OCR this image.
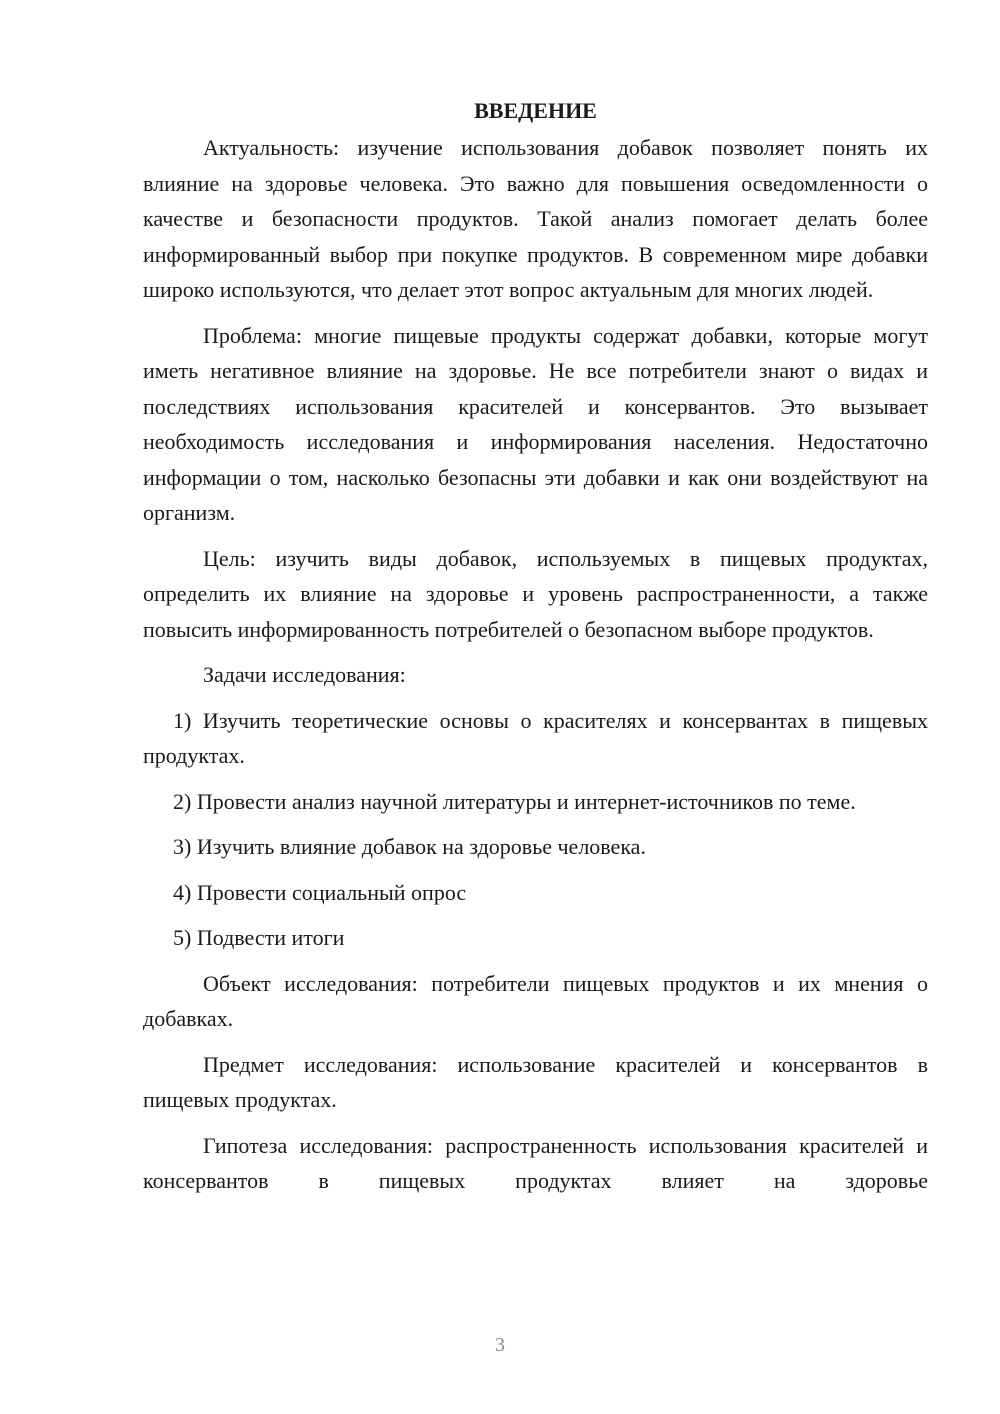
ВВЕДЕНИЕ

Актуальность: изучение использования добавок позволяет понять их влияние на здоровье человека. Это важно для повышения осведомленности о качестве и безопасности продуктов. Такой анализ помогает делать более информированный выбор при покупке продуктов. В современном мире добавки широко используются, что делает этот вопрос актуальным для многих людей.

Проблема: многие пищевые продукты содержат добавки, которые могут иметь негативное влияние на здоровье. Не все потребители знают о видах и последствиях использования красителей и консервантов. Это вызывает необходимость исследования и информирования населения. Недостаточно информации о том, насколько безопасны эти добавки и как они воздействуют на организм.

Цель: изучить виды добавок, используемых в пищевых продуктах, определить их влияние на здоровье и уровень распространенности, а также повысить информированность потребителей о безопасном выборе продуктов.

Задачи исследования:

1) Изучить теоретические основы о красителях и консервантах в пищевых продуктах.

2) Провести анализ научной литературы и интернет-источников по теме.

3) Изучить влияние добавок на здоровье человека.

4) Провести социальный опрос

5) Подвести итоги

Объект исследования: потребители пищевых продуктов и их мнения о добавках.

Предмет исследования: использование красителей и консервантов в пищевых продуктах.

Гипотеза исследования: распространенность использования красителей и консервантов в пищевых продуктах влияет на здоровье

3
